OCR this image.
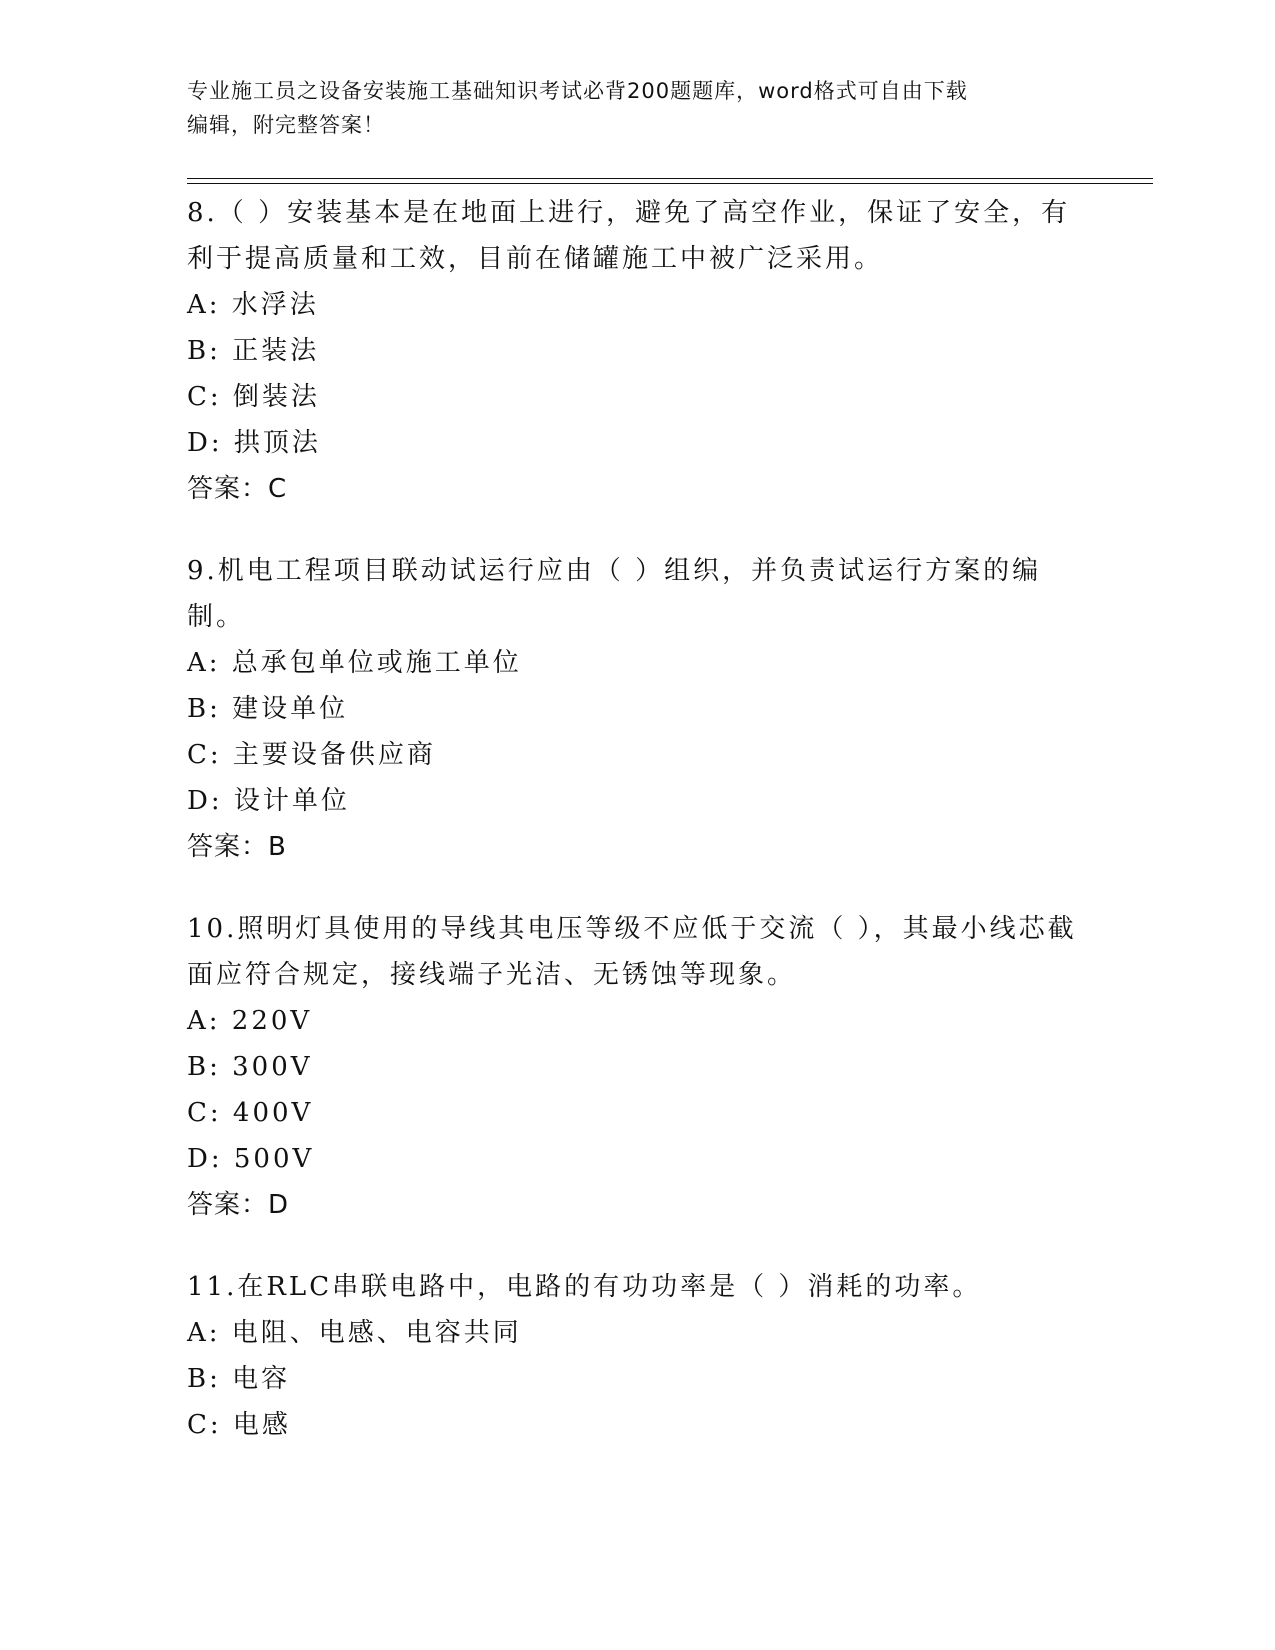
专业施工员之设备安装施工基础知识考试必背200题题库，word格式可自由下载
编辑，附完整答案！
8.（ ）安装基本是在地面上进行，避免了高空作业，保证了安全，有利于提高质量和工效，目前在储罐施工中被广泛采用。
A: 水浮法
B: 正装法
C: 倒装法
D: 拱顶法
答案：C
9.机电工程项目联动试运行应由（ ）组织，并负责试运行方案的编制。
A: 总承包单位或施工单位
B: 建设单位
C: 主要设备供应商
D: 设计单位
答案：B
10.照明灯具使用的导线其电压等级不应低于交流（ ），其最小线芯截面应符合规定，接线端子光洁、无锈蚀等现象。
A: 220V
B: 300V
C: 400V
D: 500V
答案：D
11.在RLC串联电路中，电路的有功功率是（ ）消耗的功率。
A: 电阻、电感、电容共同
B: 电容
C: 电感
